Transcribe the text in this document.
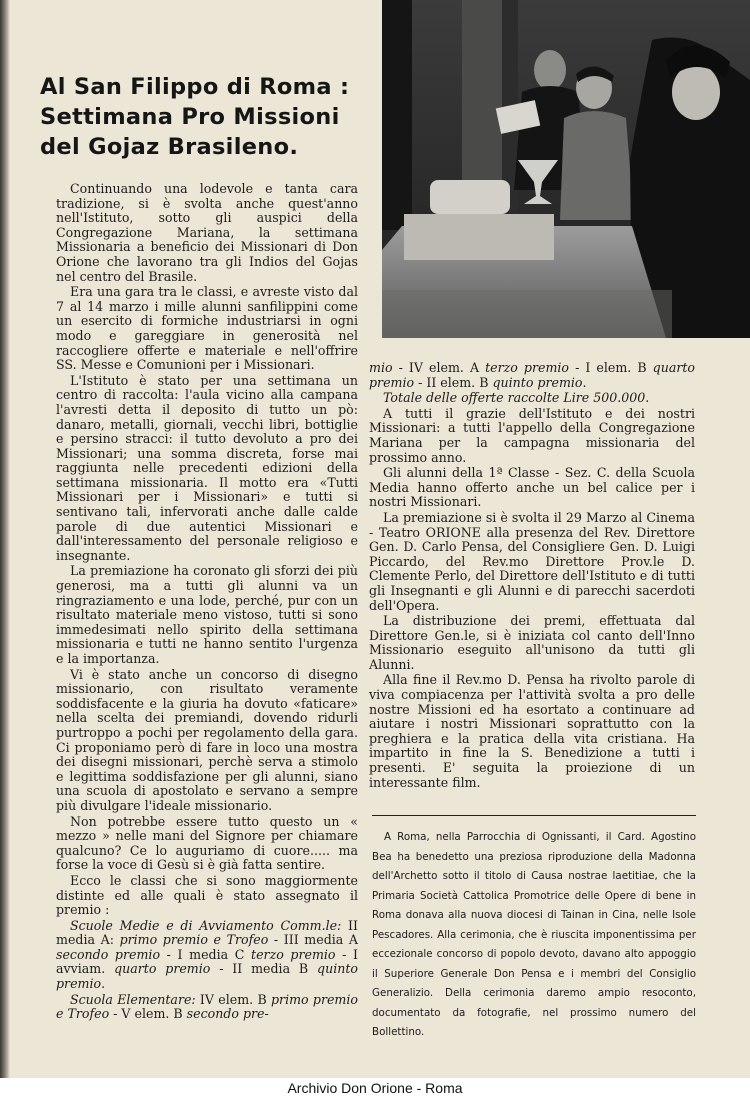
Al San Filippo di Roma :
Settimana Pro Missioni
del Gojaz Brasileno.

Continuando una lodevole e tanta cara tradizione, si è svolta anche quest'anno nell'Istituto, sotto gli auspici della Congregazione Mariana, la settimana Missionaria a beneficio dei Missionari di Don Orione che lavorano tra gli Indios del Gojas nel centro del Brasile.

Era una gara tra le classi, e avreste visto dal 7 al 14 marzo i mille alunni sanfilippini come un esercito di formiche industriarsi in ogni modo e gareggiare in generosità nel raccogliere offerte e materiale e nell'offrire SS. Messe e Comunioni per i Missionari.

L'Istituto è stato per una settimana un centro di raccolta: l'aula vicino alla campana l'avresti detta il deposito di tutto un pò: danaro, metalli, giornali, vecchi libri, bottiglie e persino stracci: il tutto devoluto a pro dei Missionari; una somma discreta, forse mai raggiunta nelle precedenti edizioni della settimana missionaria. Il motto era «Tutti Missionari per i Missionari» e tutti si sentivano tali, infervorati anche dalle calde parole di due autentici Missionari e dall'interessamento del personale religioso e insegnante.

La premiazione ha coronato gli sforzi dei più generosi, ma a tutti gli alunni va un ringraziamento e una lode, perché, pur con un risultato materiale meno vistoso, tutti si sono immedesimati nello spirito della settimana missionaria e tutti ne hanno sentito l'urgenza e la importanza.

Vi è stato anche un concorso di disegno missionario, con risultato veramente soddisfacente e la giuria ha dovuto «faticare» nella scelta dei premiandi, dovendo ridurli purtroppo a pochi per regolamento della gara. Ci proponiamo però di fare in loco una mostra dei disegni missionari, perchè serva a stimolo e legittima soddisfazione per gli alunni, siano una scuola di apostolato e servano a sempre più divulgare l'ideale missionario.

Non potrebbe essere tutto questo un « mezzo » nelle mani del Signore per chiamare qualcuno? Ce lo auguriamo di cuore..... ma forse la voce di Gesù si è già fatta sentire.

Ecco le classi che si sono maggiormente distinte ed alle quali è stato assegnato il premio :

Scuole Medie e di Avviamento Comm.le: II media A: primo premio e Trofeo - III media A secondo premio - I media C terzo premio - I avviam. quarto premio - II media B quinto premio.

Scuola Elementare: IV elem. B primo premio e Trofeo - V elem. B secondo pre-

mio - IV elem. A terzo premio - I elem. B quarto premio - II elem. B quinto premio.

Totale delle offerte raccolte Lire 500.000.

A tutti il grazie dell'Istituto e dei nostri Missionari: a tutti l'appello della Congregazione Mariana per la campagna missionaria del prossimo anno.

Gli alunni della 1ª Classe - Sez. C. della Scuola Media hanno offerto anche un bel calice per i nostri Missionari.

La premiazione si è svolta il 29 Marzo al Cinema - Teatro ORIONE alla presenza del Rev. Direttore Gen. D. Carlo Pensa, del Consigliere Gen. D. Luigi Piccardo, del Rev.mo Direttore Prov.le D. Clemente Perlo, del Direttore dell'Istituto e di tutti gli Insegnanti e gli Alunni e di parecchi sacerdoti dell'Opera.

La distribuzione dei premi, effettuata dal Direttore Gen.le, si è iniziata col canto dell'Inno Missionario eseguito all'unisono da tutti gli Alunni.

Alla fine il Rev.mo D. Pensa ha rivolto parole di viva compiacenza per l'attività svolta a pro delle nostre Missioni ed ha esortato a continuare ad aiutare i nostri Missionari soprattutto con la preghiera e la pratica della vita cristiana. Ha impartito in fine la S. Benedizione a tutti i presenti. E' seguita la proiezione di un interessante film.

A Roma, nella Parrocchia di Ognissanti, il Card. Agostino Bea ha benedetto una preziosa riproduzione della Madonna dell'Archetto sotto il titolo di Causa nostrae laetitiae, che la Primaria Società Cattolica Promotrice delle Opere di bene in Roma donava alla nuova diocesi di Tainan in Cina, nelle Isole Pescadores. Alla cerimonia, che è riuscita imponentissima per eccezionale concorso di popolo devoto, davano alto appoggio il Superiore Generale Don Pensa e i membri del Consiglio Generalizio. Della cerimonia daremo ampio resoconto, documentato da fotografie, nel prossimo numero del Bollettino.

Archivio Don Orione - Roma
